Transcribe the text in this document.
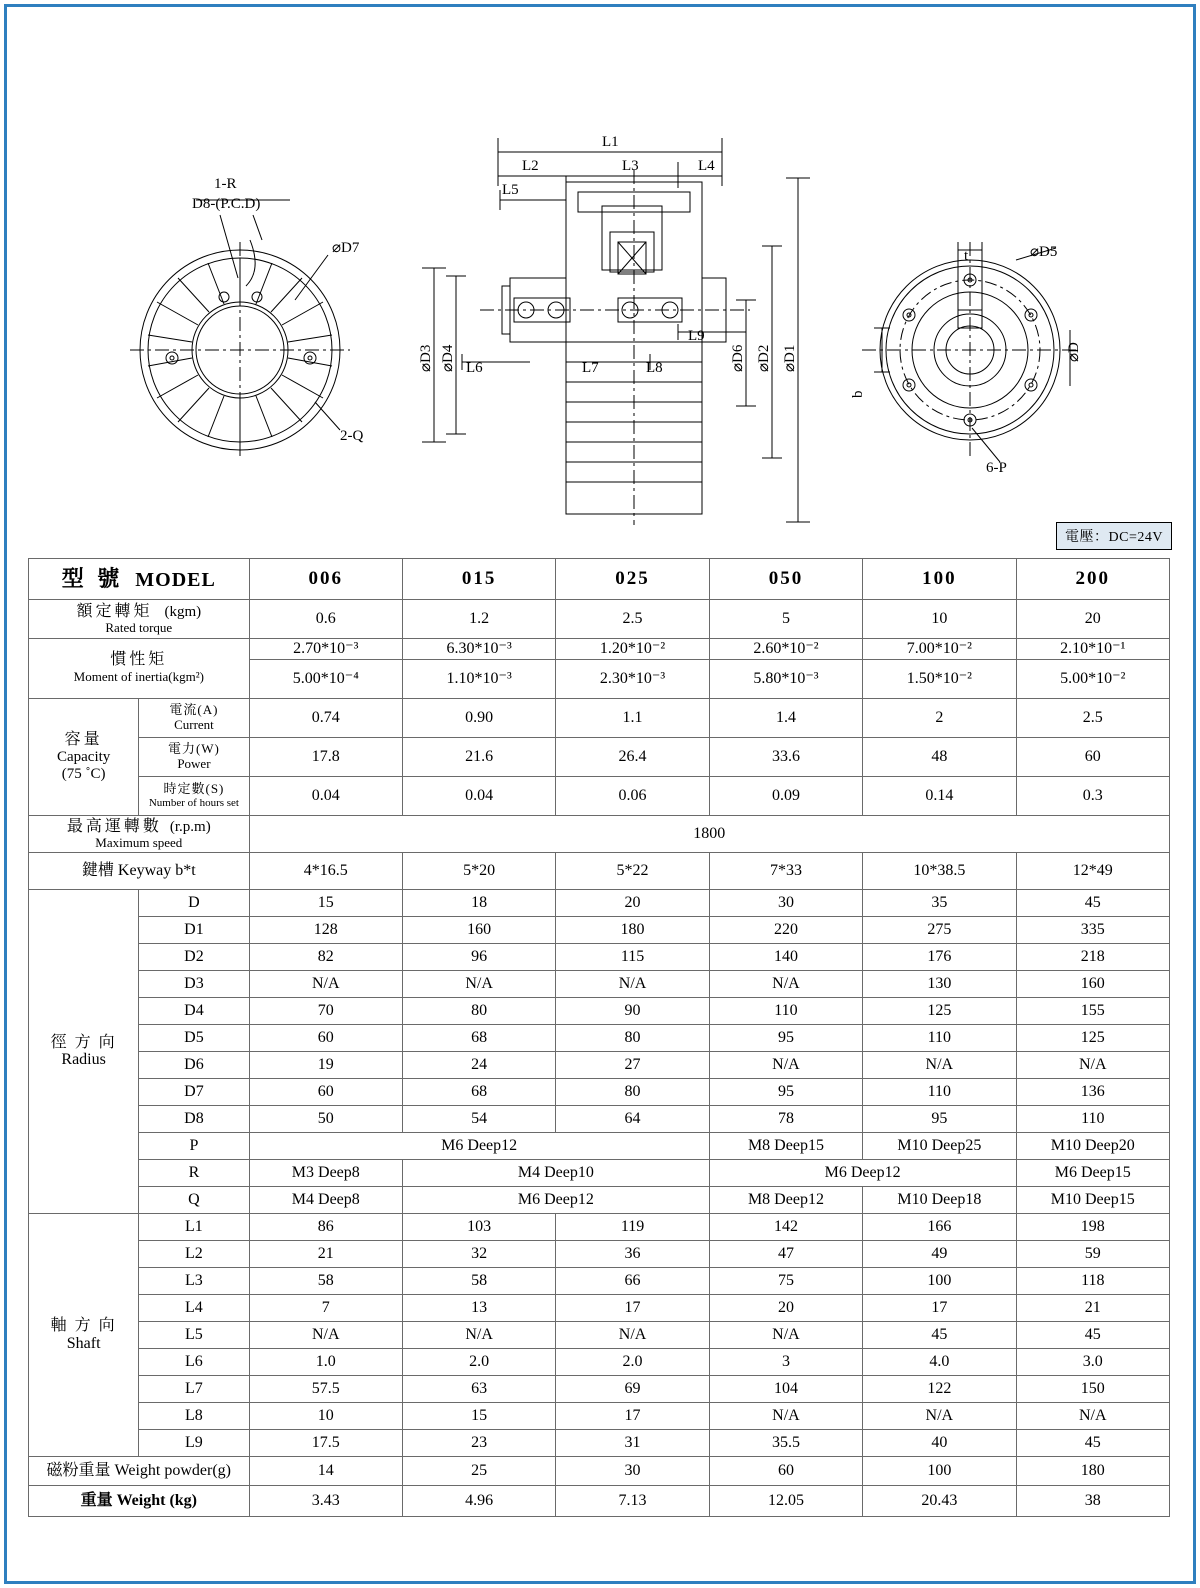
1-R
D8-(P.C.D)
⌀D7
2-Q
L1
L2	L3	L4
L5
L6	L7	L8
L9
⌀D3 ⌀D4	⌀D6 ⌀D2 ⌀D1
t	⌀D5
⌀D
b
6-P
電壓：DC=24V
型 號 MODEL		006	015	025	050	100	200

額定轉矩 (kgm)
Rated torque		0.6	1.2	2.5	5	10	20

慣性矩
Moment of inertia(kgm²)		2.70*10⁻³	6.30*10⁻³	1.20*10⁻²	2.60*10⁻²	7.00*10⁻²	2.10*10⁻¹
		5.00*10⁻⁴	1.10*10⁻³	2.30*10⁻³	5.80*10⁻³	1.50*10⁻²	5.00*10⁻²

容量
Capacity
(75 ˚C)

電流(A)
Current	0.74	0.90	1.1	1.4	2	2.5

	電力(W)
Power	17.8	21.6	26.4	33.6	48	60

	時定數(S)
Number of hours set	0.04	0.04	0.06	0.09	0.14	0.3

最高運轉數 (r.p.m)
Maximum speed		1800					
鍵槽 Keyway b*t		4*16.5	5*20	5*22	7*33	10*38.5	12*49

徑 方 向
Radius	D	15	18	20	30	35	45
	D1	128	160	180	220	275	335
	D2	82	96	115	140	176	218
	D3	N/A	N/A	N/A	N/A	130	160
	D4	70	80	90	110	125	155
	D5	60	68	80	95	110	125
	D6	19	24	27	N/A	N/A	N/A
	D7	60	68	80	95	110	136
	D8	50	54	64	78	95	110
	P	M6 Deep12			M8 Deep15	M10 Deep25	M10 Deep20
	R	M3 Deep8	M4 Deep10		M6 Deep12		M6 Deep15
	Q	M4 Deep8	M6 Deep12		M8 Deep12	M10 Deep18	M10 Deep15

軸 方 向
Shaft	L1	86	103	119	142	166	198
	L2	21	32	36	47	49	59
	L3	58	58	66	75	100	118
	L4	7	13	17	20	17	21
	L5	N/A	N/A	N/A	N/A	45	45
	L6	1.0	2.0	2.0	3	4.0	3.0
	L7	57.5	63	69	104	122	150
	L8	10	15	17	N/A	N/A	N/A
	L9	17.5	23	31	35.5	40	45
磁粉重量 Weight powder(g)		14	25	30	60	100	180
重量 Weight (kg)		3.43	4.96	7.13	12.05	20.43	38
